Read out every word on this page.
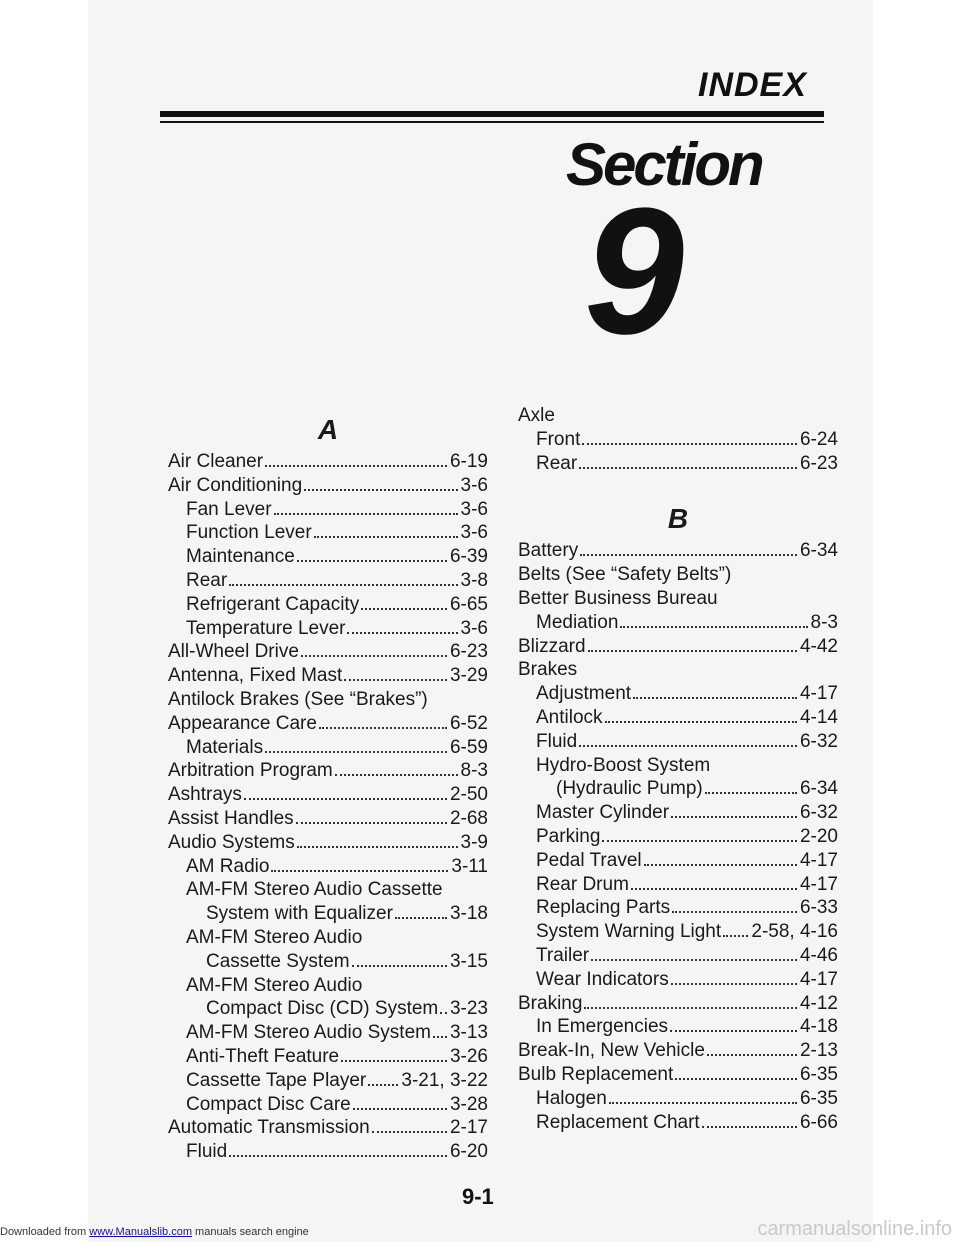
INDEX
Section
9
A
Air Cleaner	6-19
Air Conditioning	3-6
Fan Lever	3-6
Function Lever	3-6
Maintenance	6-39
Rear	3-8
Refrigerant Capacity	6-65
Temperature Lever	3-6
All-Wheel Drive	6-23
Antenna, Fixed Mast	3-29
Antilock Brakes (See “Brakes”)
Appearance Care	6-52
Materials	6-59
Arbitration Program	8-3
Ashtrays	2-50
Assist Handles	2-68
Audio Systems	3-9
AM Radio	3-11
AM-FM Stereo Audio Cassette
System with Equalizer	3-18
AM-FM Stereo Audio
Cassette System	3-15
AM-FM Stereo Audio
Compact Disc (CD) System 3-23
AM-FM Stereo Audio System 3-13
Anti-Theft Feature	3-26
Cassette Tape Player 3-21, 3-22
Compact Disc Care	3-28
Automatic Transmission	2-17
Fluid	6-20
Axle
Front	6-24
Rear	6-23
B
Battery	6-34
Belts (See “Safety Belts”)
Better Business Bureau
Mediation	8-3
Blizzard	4-42
Brakes
Adjustment	4-17
Antilock	4-14
Fluid	6-32
Hydro-Boost System
(Hydraulic Pump)	6-34
Master Cylinder	6-32
Parking	2-20
Pedal Travel	4-17
Rear Drum	4-17
Replacing Parts	6-33
System Warning Light 2-58, 4-16
Trailer	4-46
Wear Indicators	4-17
Braking	4-12
In Emergencies	4-18
Break-In, New Vehicle	2-13
Bulb Replacement	6-35
Halogen	6-35
Replacement Chart	6-66
9-1
Downloaded from www.Manualslib.com manuals search engine	carmanualsonline.info
